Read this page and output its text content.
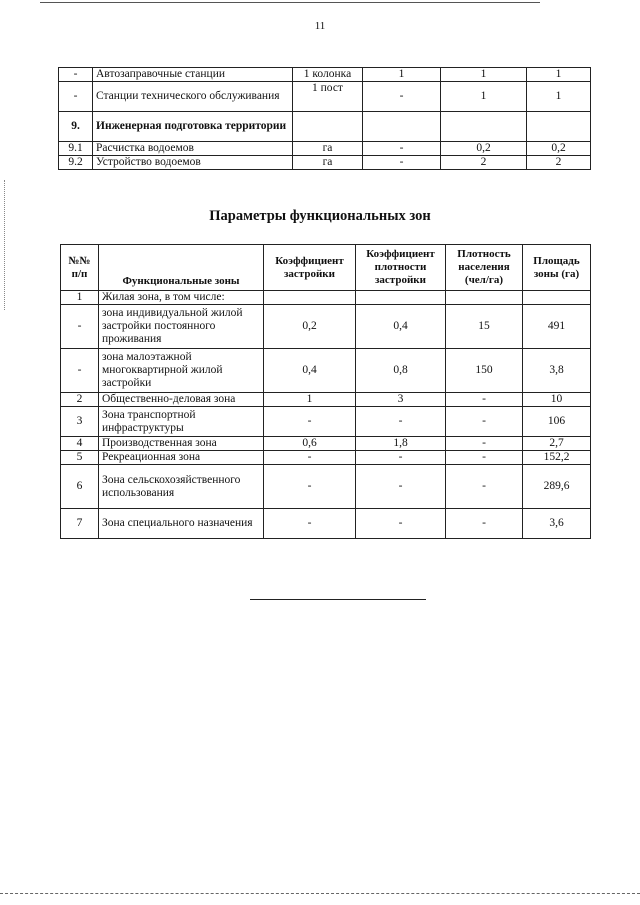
11
-	Автозаправочные станции	1 колонка	1	1	1
-	Станции технического обслуживания	1 пост	-	1	1
9.	Инженерная подготовка территории				
9.1	Расчистка водоемов	га	-	0,2	0,2
9.2	Устройство водоемов	га	-	2	2
Параметры функциональных зон
№№ п/п	Функциональные зоны	Коэффициент застройки	Коэффициент плотности застройки	Плотность населения (чел/га)	Площадь зоны (га)
1	Жилая зона, в том числе:				
-	зона индивидуальной жилой застройки постоянного проживания	0,2	0,4	15	491
-	зона малоэтажной многоквартирной жилой застройки	0,4	0,8	150	3,8
2	Общественно-деловая зона	1	3	-	10
3	Зона транспортной инфраструктуры	-	-	-	106
4	Производственная зона	0,6	1,8	-	2,7
5	Рекреационная зона	-	-	-	152,2
6	Зона сельскохозяйственного использования	-	-	-	289,6
7	Зона специального назначения	-	-	-	3,6
